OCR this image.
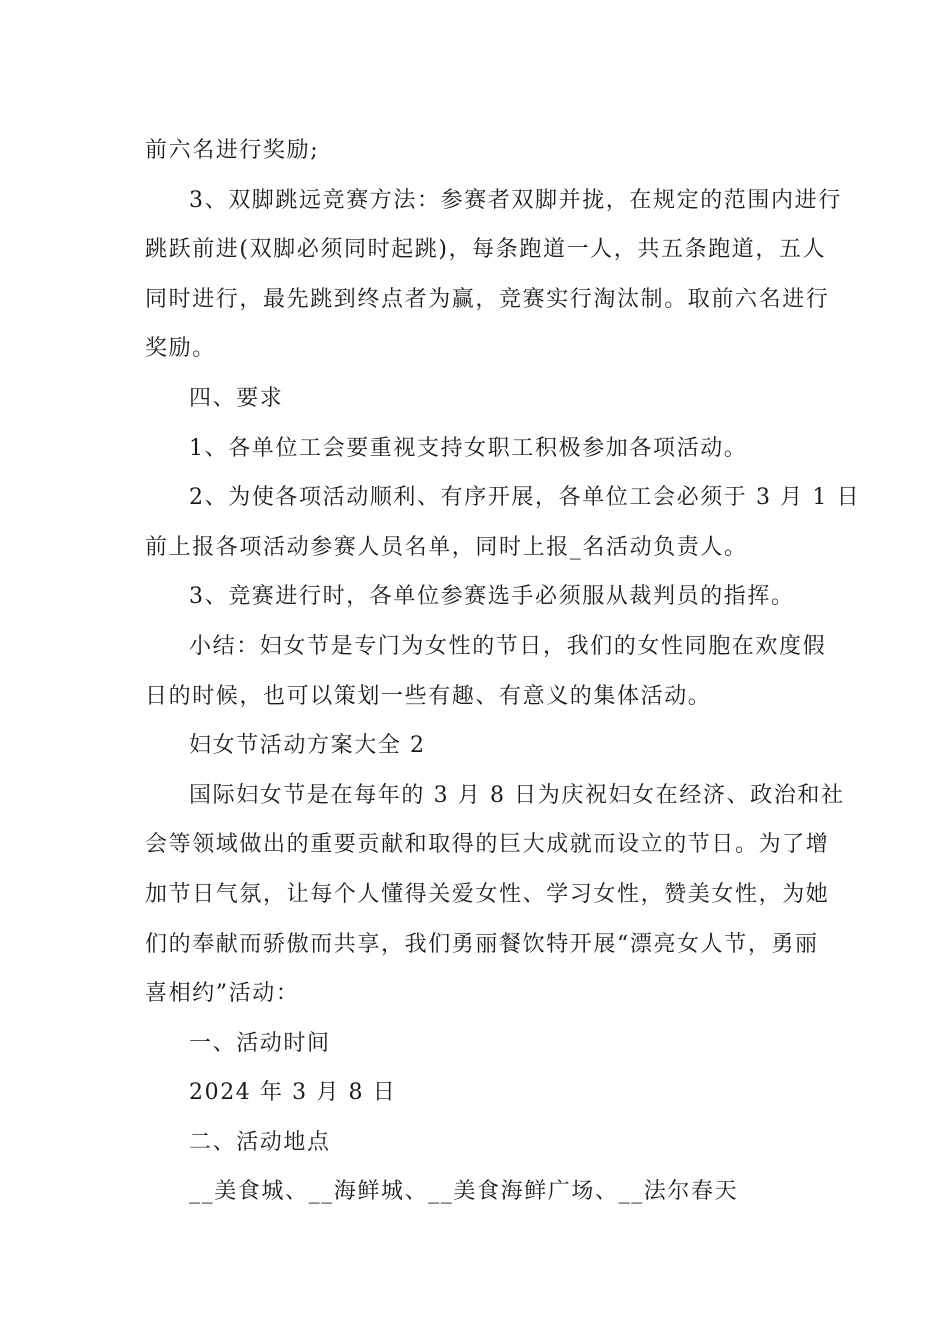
前六名进行奖励;
3、双脚跳远竞赛方法：参赛者双脚并拢，在规定的范围内进行
跳跃前进(双脚必须同时起跳)，每条跑道一人，共五条跑道，五人
同时进行，最先跳到终点者为赢，竞赛实行淘汰制。取前六名进行
奖励。
四、要求
1、各单位工会要重视支持女职工积极参加各项活动。
2、为使各项活动顺利、有序开展，各单位工会必须于 3 月 1 日
前上报各项活动参赛人员名单，同时上报_名活动负责人。
3、竞赛进行时，各单位参赛选手必须服从裁判员的指挥。
小结：妇女节是专门为女性的节日，我们的女性同胞在欢度假
日的时候，也可以策划一些有趣、有意义的集体活动。
妇女节活动方案大全 2
国际妇女节是在每年的 3 月 8 日为庆祝妇女在经济、政治和社
会等领域做出的重要贡献和取得的巨大成就而设立的节日。为了增
加节日气氛，让每个人懂得关爱女性、学习女性，赞美女性，为她
们的奉献而骄傲而共享，我们勇丽餐饮特开展“漂亮女人节，勇丽
喜相约”活动：
一、活动时间
2024 年 3 月 8 日
二、活动地点
__美食城、__海鲜城、__美食海鲜广场、__法尔春天
